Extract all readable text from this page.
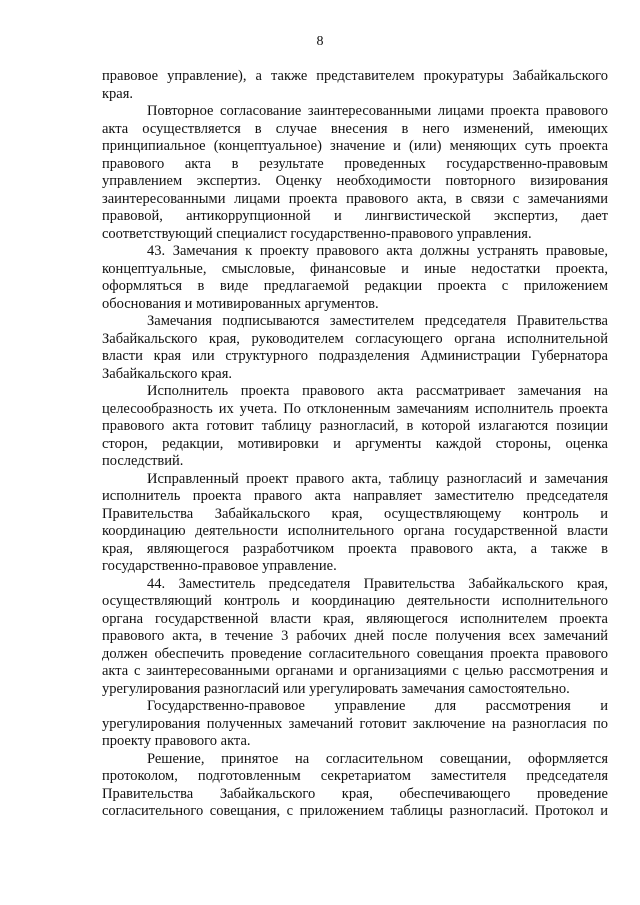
8
правовое управление), а также представителем прокуратуры Забайкальского
края.
Повторное согласование заинтересованными лицами проекта правового
акта осуществляется в случае внесения в него изменений, имеющих
принципиальное (концептуальное) значение и (или) меняющих суть проекта
правового акта в результате проведенных государственно-правовым
управлением экспертиз. Оценку необходимости повторного визирования
заинтересованными лицами проекта правового акта, в связи с замечаниями
правовой, антикоррупционной и лингвистической экспертиз, дает
соответствующий специалист государственно-правового управления.
43. Замечания к проекту правового акта должны устранять правовые,
концептуальные, смысловые, финансовые и иные недостатки проекта,
оформляться в виде предлагаемой редакции проекта с приложением
обоснования и мотивированных аргументов.
Замечания подписываются заместителем председателя Правительства
Забайкальского края, руководителем согласующего органа исполнительной
власти края или структурного подразделения Администрации Губернатора
Забайкальского края.
Исполнитель проекта правового акта рассматривает замечания на
целесообразность их учета. По отклоненным замечаниям исполнитель проекта
правового акта готовит таблицу разногласий, в которой излагаются позиции
сторон, редакции, мотивировки и аргументы каждой стороны, оценка
последствий.
Исправленный проект правого акта, таблицу разногласий и замечания
исполнитель проекта правого акта направляет заместителю председателя
Правительства Забайкальского края, осуществляющему контроль и
координацию деятельности исполнительного органа государственной власти
края, являющегося разработчиком проекта правового акта, а также в
государственно-правовое управление.
44. Заместитель председателя Правительства Забайкальского края,
осуществляющий контроль и координацию деятельности исполнительного
органа государственной власти края, являющегося исполнителем проекта
правового акта, в течение 3 рабочих дней после получения всех замечаний
должен обеспечить проведение согласительного совещания проекта правового
акта с заинтересованными органами и организациями с целью рассмотрения и
урегулирования разногласий или урегулировать замечания самостоятельно.
Государственно-правовое управление для рассмотрения и
урегулирования полученных замечаний готовит заключение на разногласия по
проекту правового акта.
Решение, принятое на согласительном совещании, оформляется
протоколом, подготовленным секретариатом заместителя председателя
Правительства Забайкальского края, обеспечивающего проведение
согласительного совещания, с приложением таблицы разногласий. Протокол и
